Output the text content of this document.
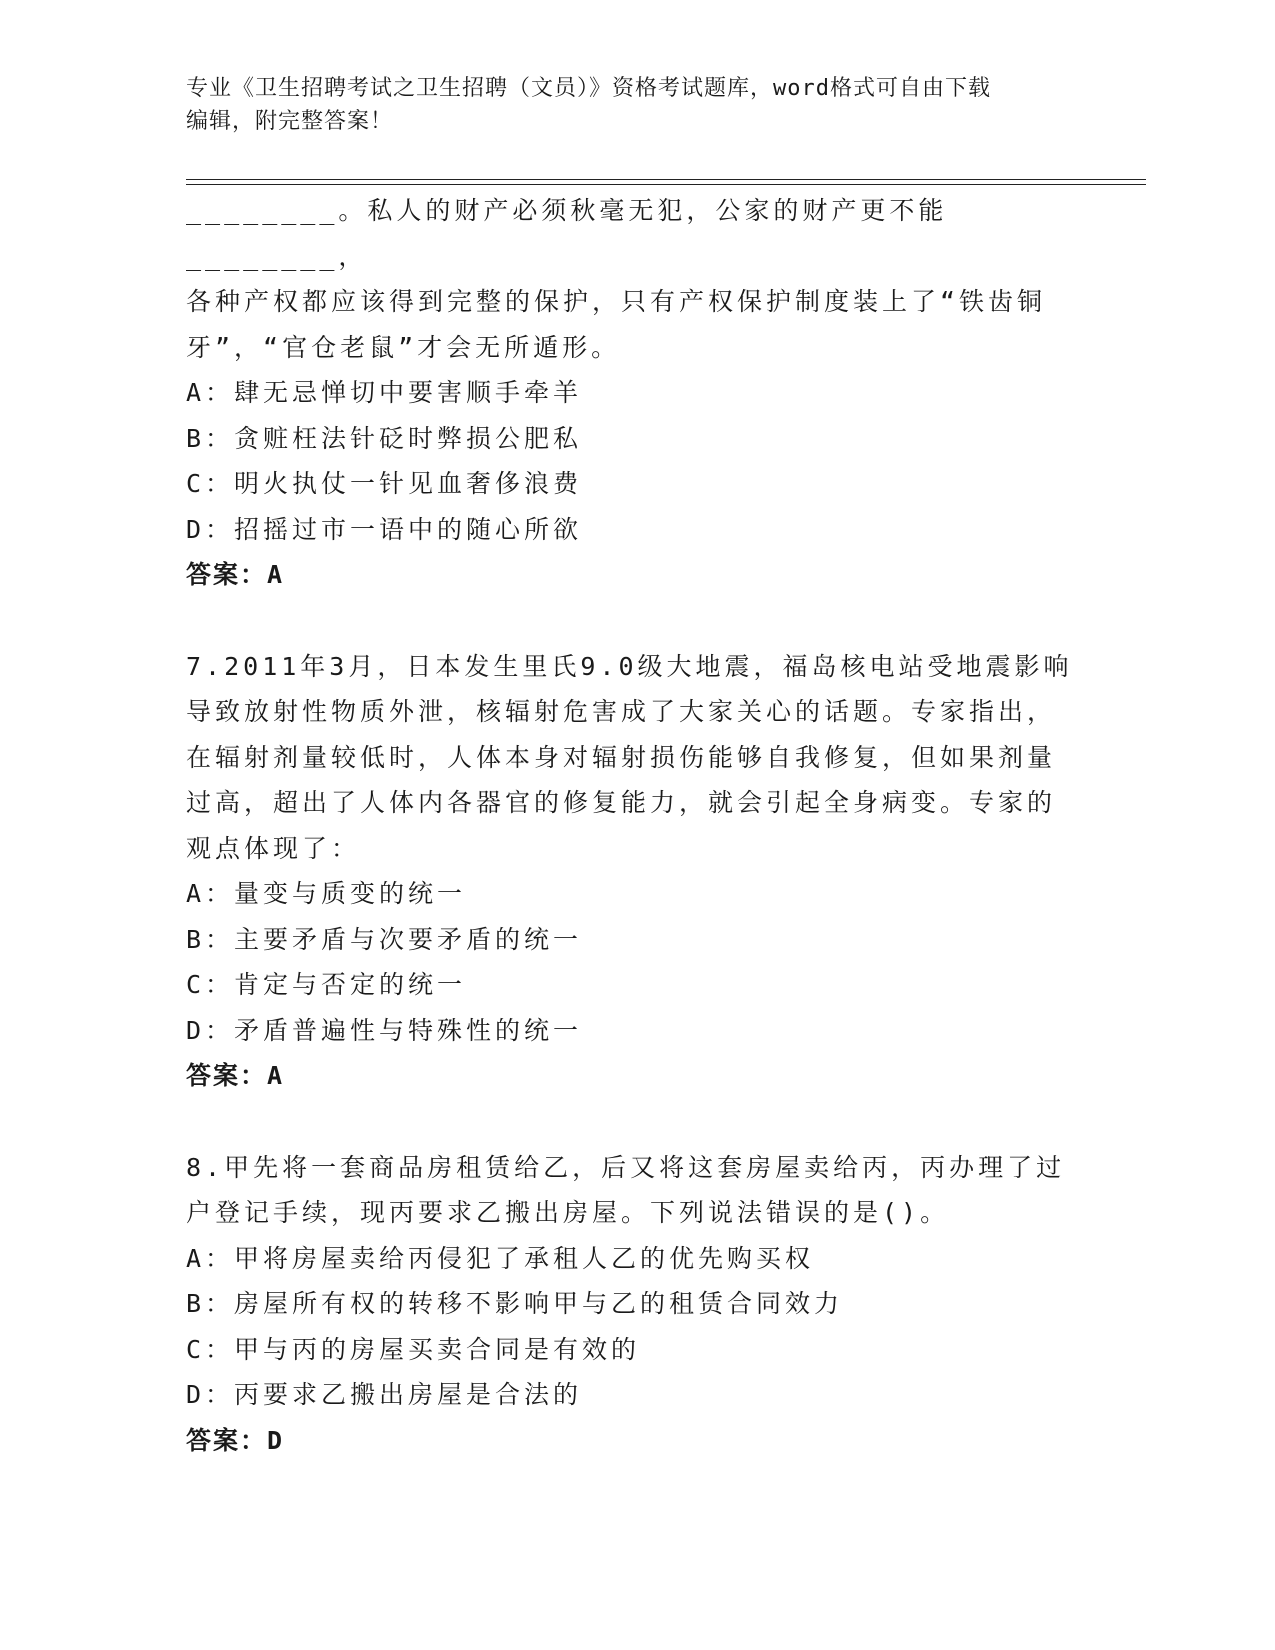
专业《卫生招聘考试之卫生招聘（文员）》资格考试题库，word格式可自由下载
编辑，附完整答案！

________。私人的财产必须秋毫无犯，公家的财产更不能________，

各种产权都应该得到完整的保护，只有产权保护制度装上了“铁齿铜

牙”，“官仓老鼠”才会无所遁形。

A：肆无忌惮切中要害顺手牵羊

B：贪赃枉法针砭时弊损公肥私

C：明火执仗一针见血奢侈浪费

D：招摇过市一语中的随心所欲

答案：A

7.2011年3月，日本发生里氏9.0级大地震，福岛核电站受地震影响

导致放射性物质外泄，核辐射危害成了大家关心的话题。专家指出，

在辐射剂量较低时，人体本身对辐射损伤能够自我修复，但如果剂量

过高，超出了人体内各器官的修复能力，就会引起全身病变。专家的

观点体现了：

A：量变与质变的统一

B：主要矛盾与次要矛盾的统一

C：肯定与否定的统一

D：矛盾普遍性与特殊性的统一

答案：A

8.甲先将一套商品房租赁给乙，后又将这套房屋卖给丙，丙办理了过

户登记手续，现丙要求乙搬出房屋。下列说法错误的是()。

A：甲将房屋卖给丙侵犯了承租人乙的优先购买权

B：房屋所有权的转移不影响甲与乙的租赁合同效力

C：甲与丙的房屋买卖合同是有效的

D：丙要求乙搬出房屋是合法的

答案：D
